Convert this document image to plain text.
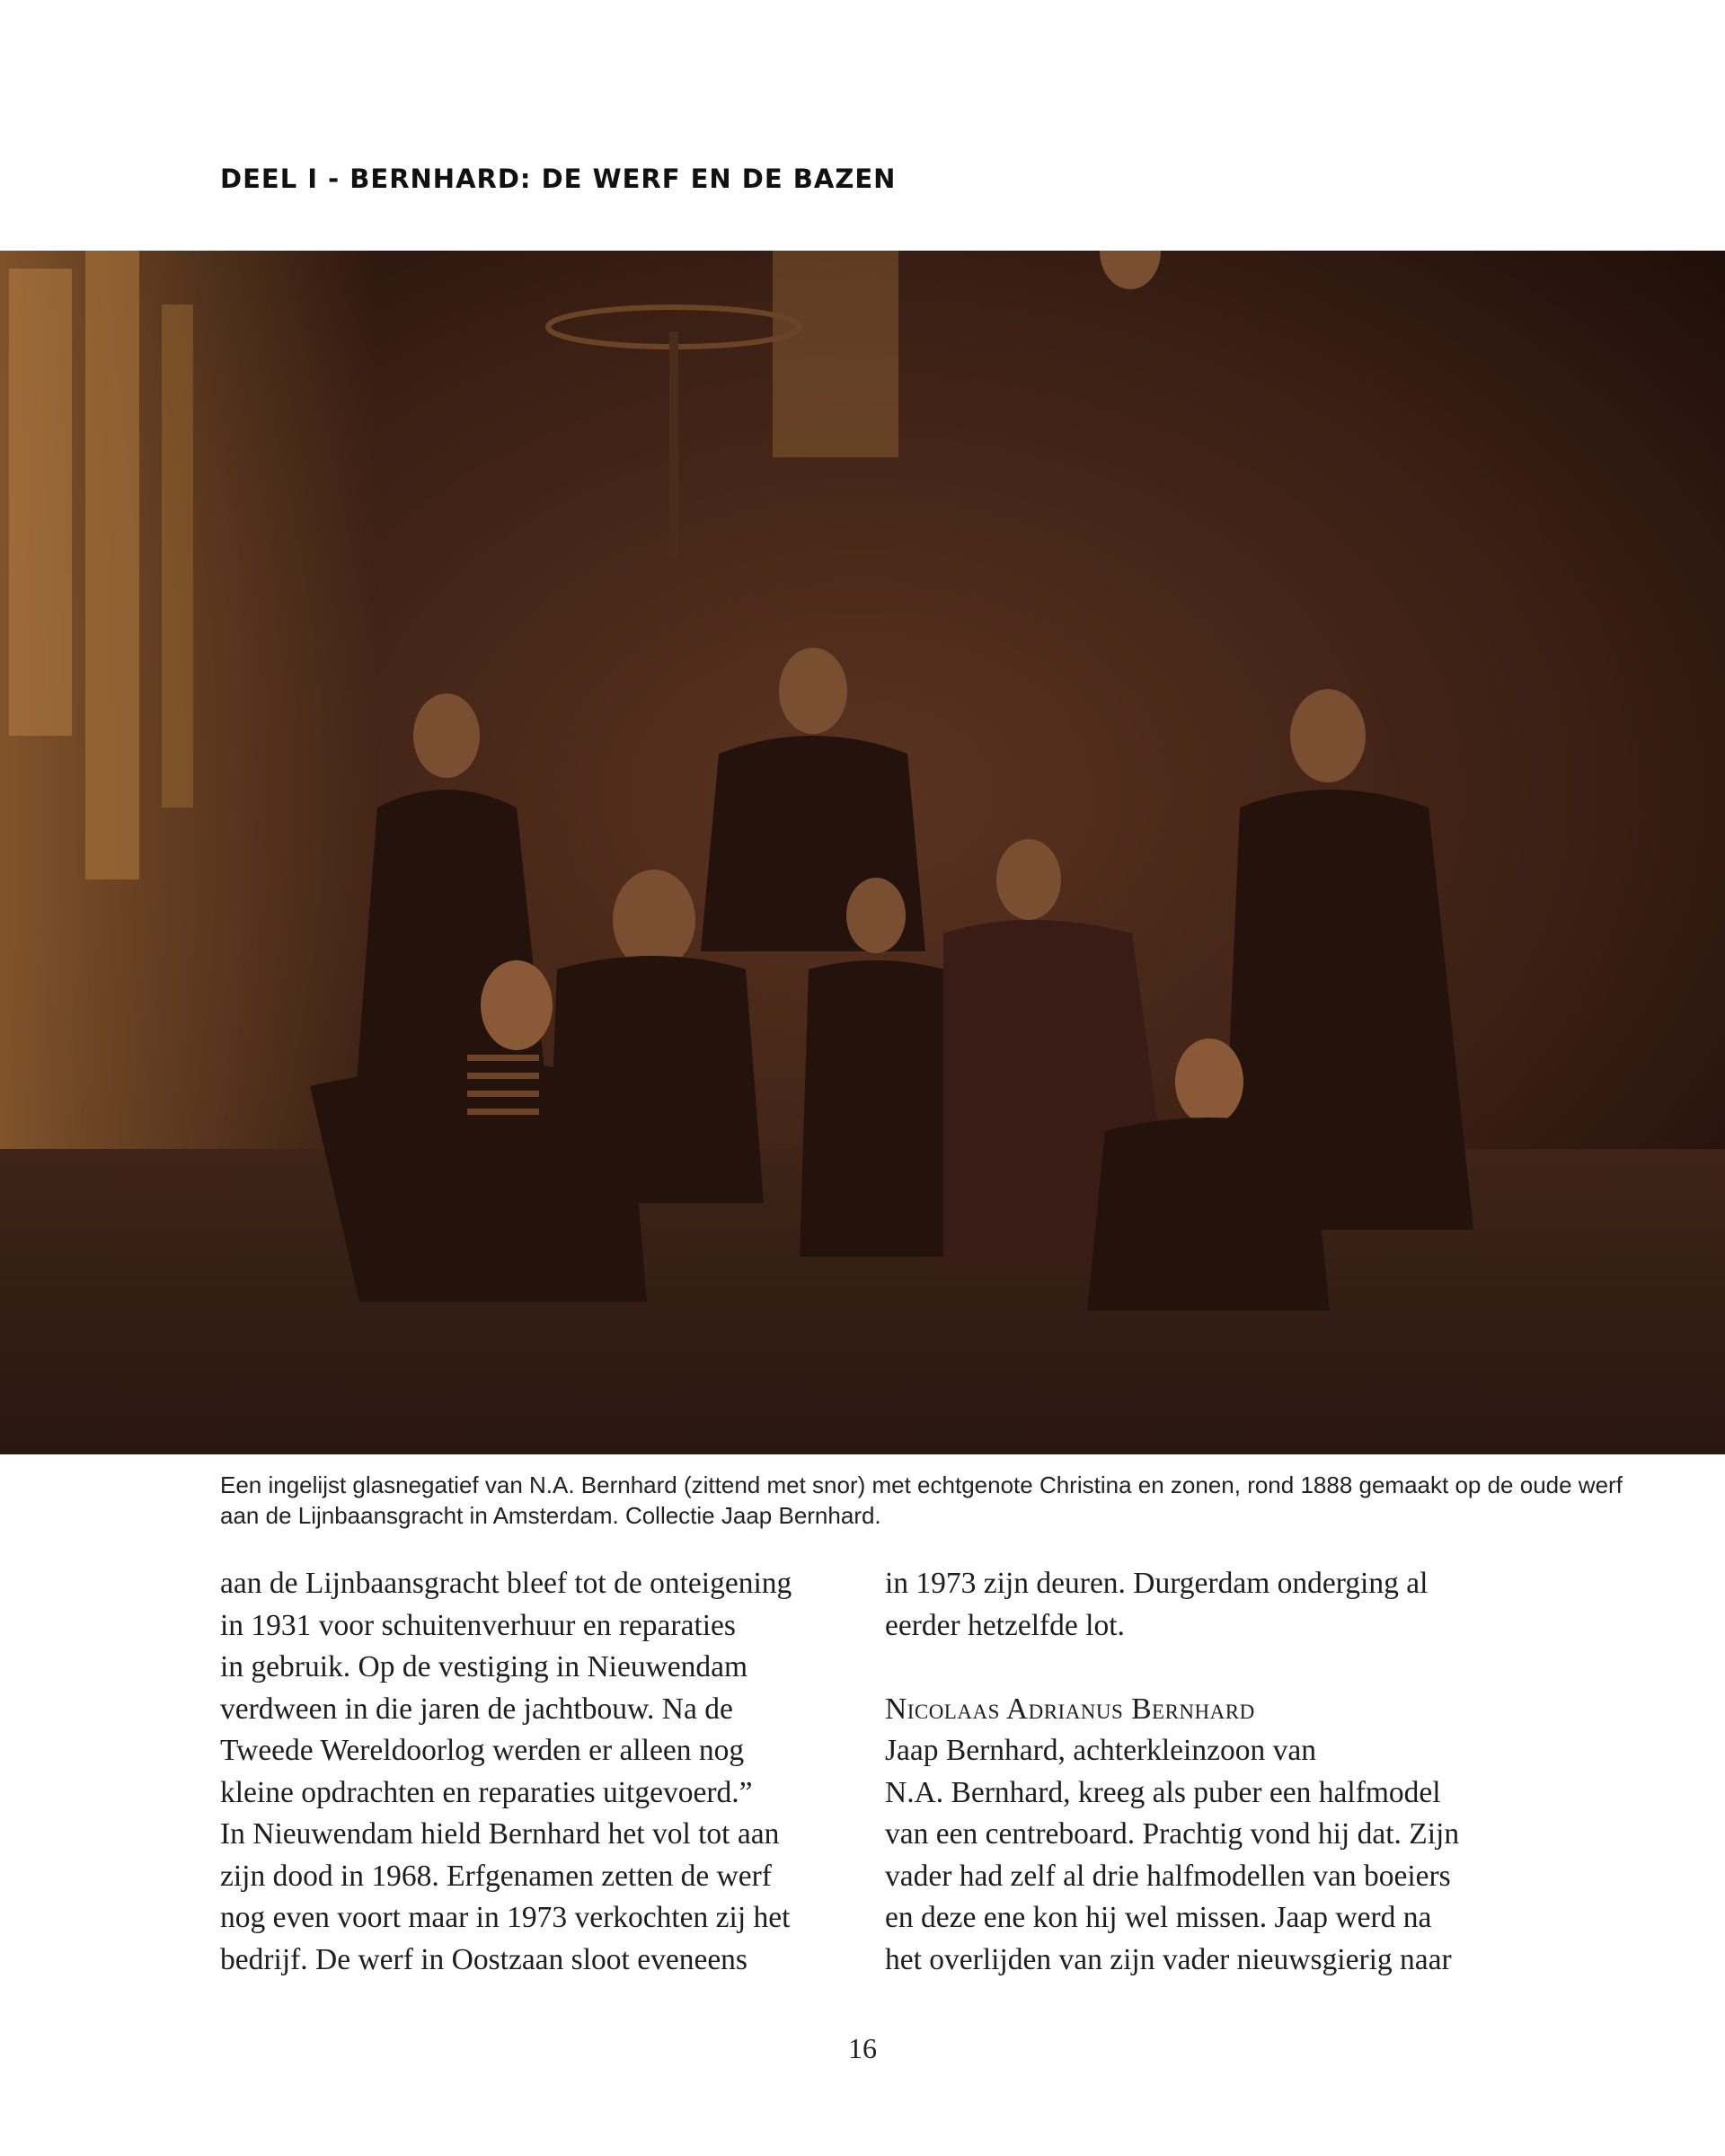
DEEL I - BERNHARD: DE WERF EN DE BAZEN
Een ingelijst glasnegatief van N.A. Bernhard (zittend met snor) met echtgenote Christina en zonen, rond 1888 gemaakt op de oude werf
aan de Lijnbaansgracht in Amsterdam. Collectie Jaap Bernhard.
aan de Lijnbaansgracht bleef tot de onteigening
in 1931 voor schuitenverhuur en reparaties
in gebruik. Op de vestiging in Nieuwendam
verdween in die jaren de jachtbouw. Na de
Tweede Wereldoorlog werden er alleen nog
kleine opdrachten en reparaties uitgevoerd.”
In Nieuwendam hield Bernhard het vol tot aan
zijn dood in 1968. Erfgenamen zetten de werf
nog even voort maar in 1973 verkochten zij het
bedrijf. De werf in Oostzaan sloot eveneens
in 1973 zijn deuren. Durgerdam onderging al
eerder hetzelfde lot.
Nicolaas Adrianus Bernhard
Jaap Bernhard, achterkleinzoon van
N.A. Bernhard, kreeg als puber een halfmodel
van een centreboard. Prachtig vond hij dat. Zijn
vader had zelf al drie halfmodellen van boeiers
en deze ene kon hij wel missen. Jaap werd na
het overlijden van zijn vader nieuwsgierig naar
16
